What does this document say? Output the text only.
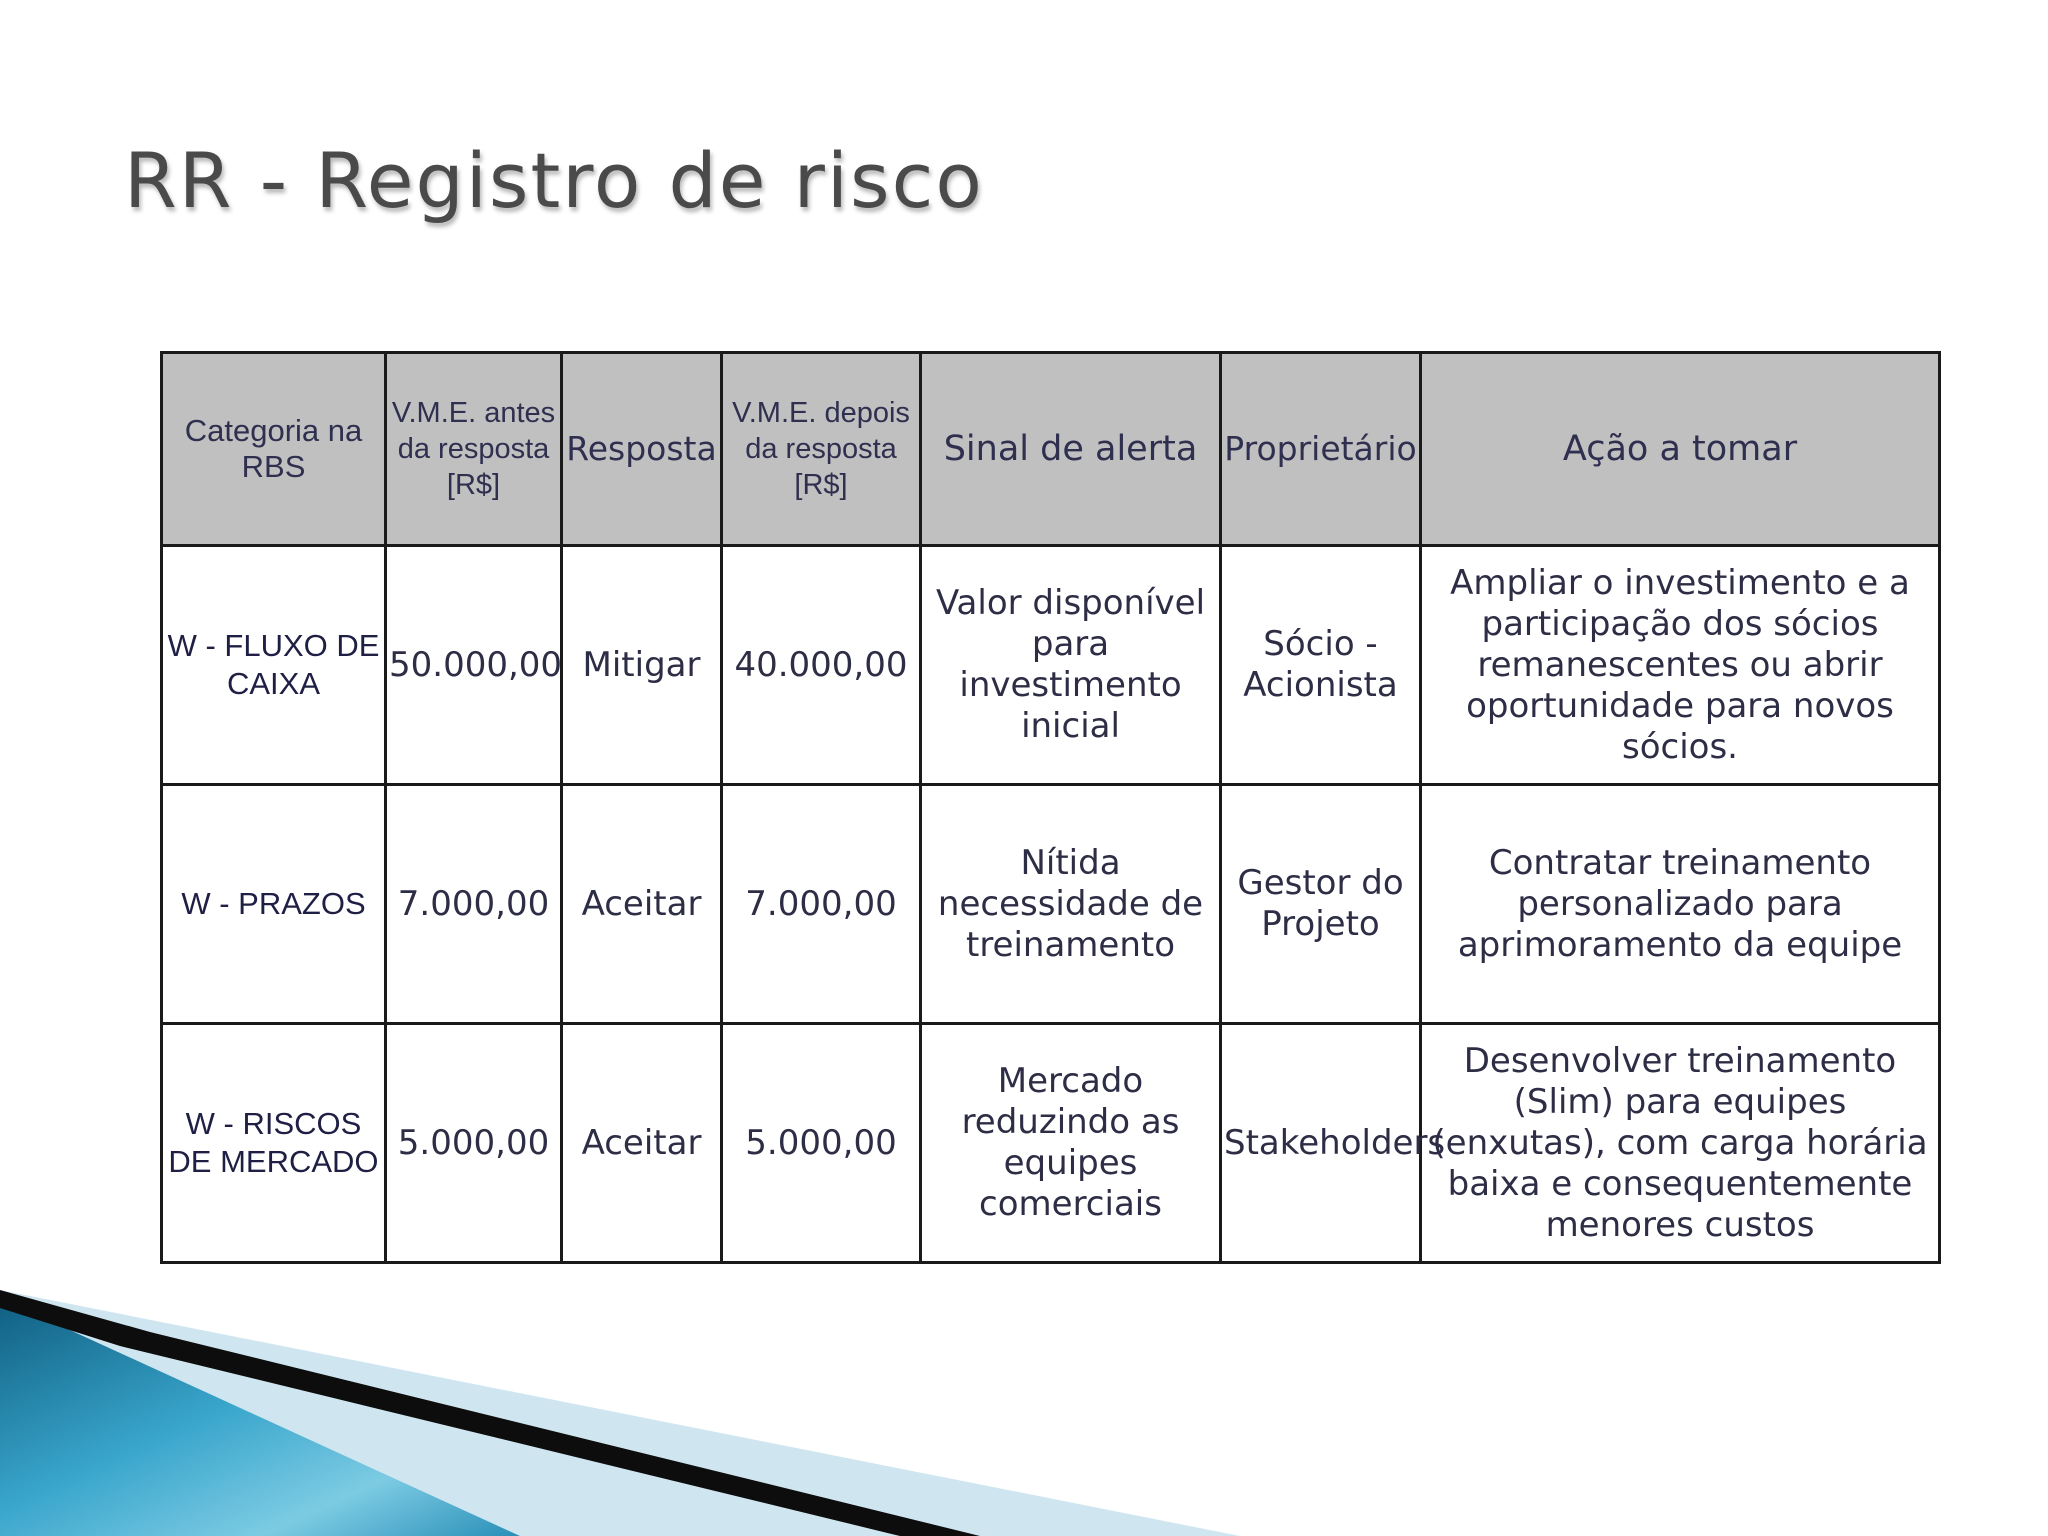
RR - Registro de risco
Categoria na RBS	V.M.E. antes da resposta [R$]	Resposta	V.M.E. depois da resposta [R$]	Sinal de alerta	Proprietário	Ação a tomar
W - FLUXO DE CAIXA	50.000,00	Mitigar	40.000,00	Valor disponível para investimento inicial	Sócio - Acionista	Ampliar o investimento e a participação dos sócios remanescentes ou abrir oportunidade para novos sócios.
W - PRAZOS	7.000,00	Aceitar	7.000,00	Nítida necessidade de treinamento	Gestor do Projeto	Contratar treinamento personalizado para aprimoramento da equipe
W - RISCOS DE MERCADO	5.000,00	Aceitar	5.000,00	Mercado reduzindo as equipes comerciais	Stakeholders	Desenvolver treinamento (Slim) para equipes (enxutas), com carga horária baixa e consequentemente menores custos
